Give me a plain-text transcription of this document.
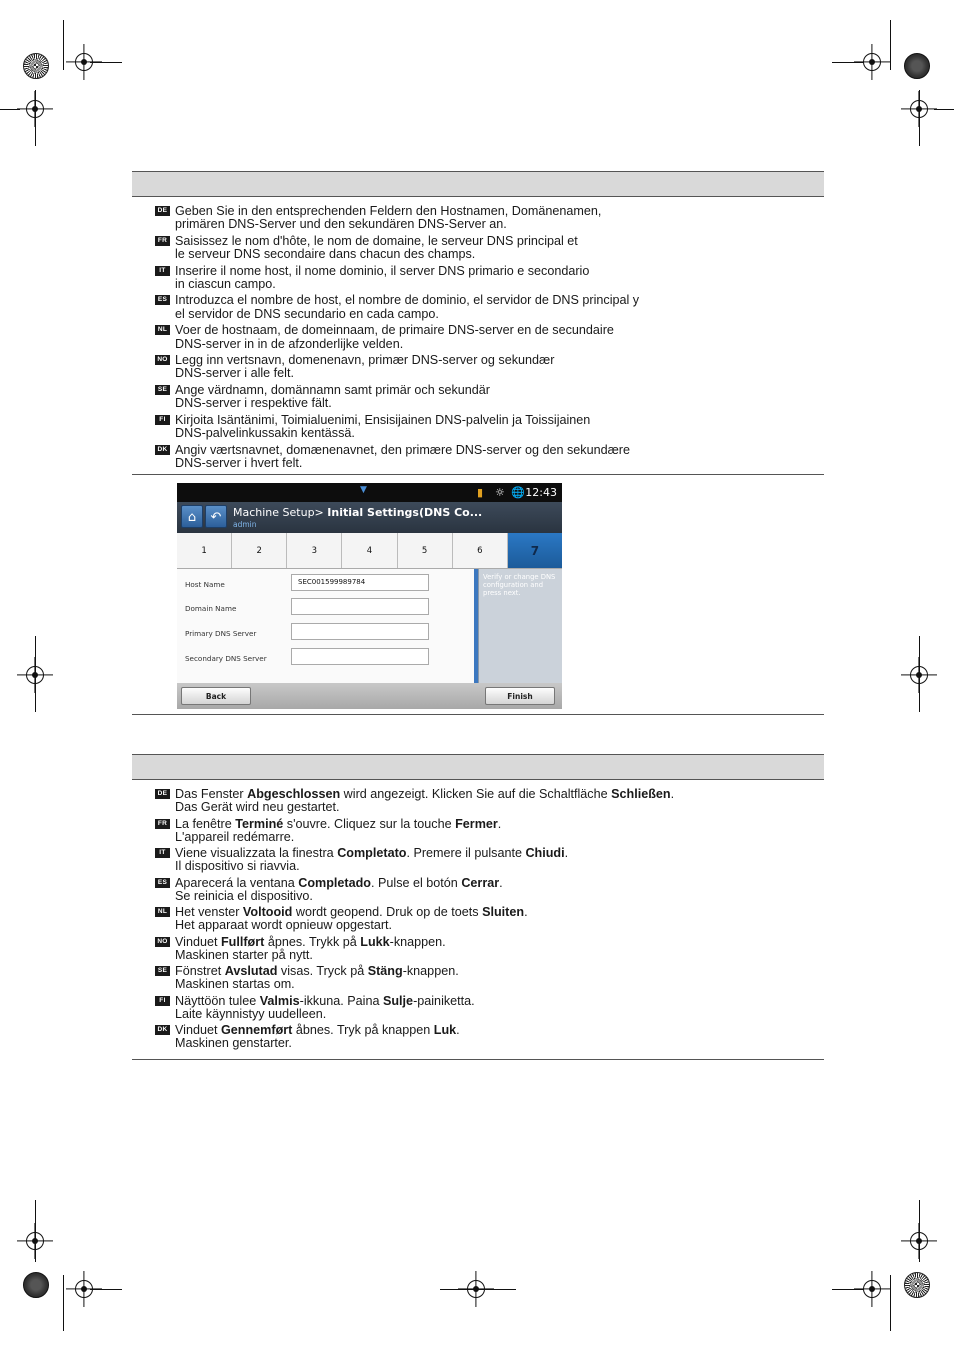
DE Geben Sie in den entsprechenden Feldern den Hostnamen, Domänenamen,
primären DNS-Server und den sekundären DNS-Server an.
FR Saisissez le nom d'hôte, le nom de domaine, le serveur DNS principal et
le serveur DNS secondaire dans chacun des champs.
IT Inserire il nome host, il nome dominio, il server DNS primario e secondario
in ciascun campo.
ES Introduzca el nombre de host, el nombre de dominio, el servidor de DNS principal y
el servidor de DNS secundario en cada campo.
NL Voer de hostnaam, de domeinnaam, de primaire DNS-server en de secundaire
DNS-server in in de afzonderlijke velden.
NO Legg inn vertsnavn, domenenavn, primær DNS-server og sekundær
DNS-server i alle felt.
SE Ange värdnamn, domännamn samt primär och sekundär
DNS-server i respektive fält.
FI Kirjoita Isäntänimi, Toimialuenimi, Ensisijainen DNS-palvelin ja Toissijainen
DNS-palvelinkussakin kentässä.
DK Angiv værtsnavnet, domænenavnet, den primære DNS-server og den sekundære
DNS-server i hvert felt.
▼	▮ ☼ 🌐 12:43
⌂	↶	Machine Setup> Initial Settings(DNS Co...
admin
1	2	3	4	5	6	7
Host Name	SEC001599989784
Domain Name
Primary DNS Server
Secondary DNS Server
Verify or change DNS configuration and press next.
Back	Finish
DE Das Fenster Abgeschlossen wird angezeigt. Klicken Sie auf die Schaltfläche Schließen.
Das Gerät wird neu gestartet.
FR La fenêtre Terminé s'ouvre. Cliquez sur la touche Fermer.
L'appareil redémarre.
IT Viene visualizzata la finestra Completato. Premere il pulsante Chiudi.
Il dispositivo si riavvia.
ES Aparecerá la ventana Completado. Pulse el botón Cerrar.
Se reinicia el dispositivo.
NL Het venster Voltooid wordt geopend. Druk op de toets Sluiten.
Het apparaat wordt opnieuw opgestart.
NO Vinduet Fullført åpnes. Trykk på Lukk-knappen.
Maskinen starter på nytt.
SE Fönstret Avslutad visas. Tryck på Stäng-knappen.
Maskinen startas om.
FI Näyttöön tulee Valmis-ikkuna. Paina Sulje-painiketta.
Laite käynnistyy uudelleen.
DK Vinduet Gennemført åbnes. Tryk på knappen Luk.
Maskinen genstarter.
